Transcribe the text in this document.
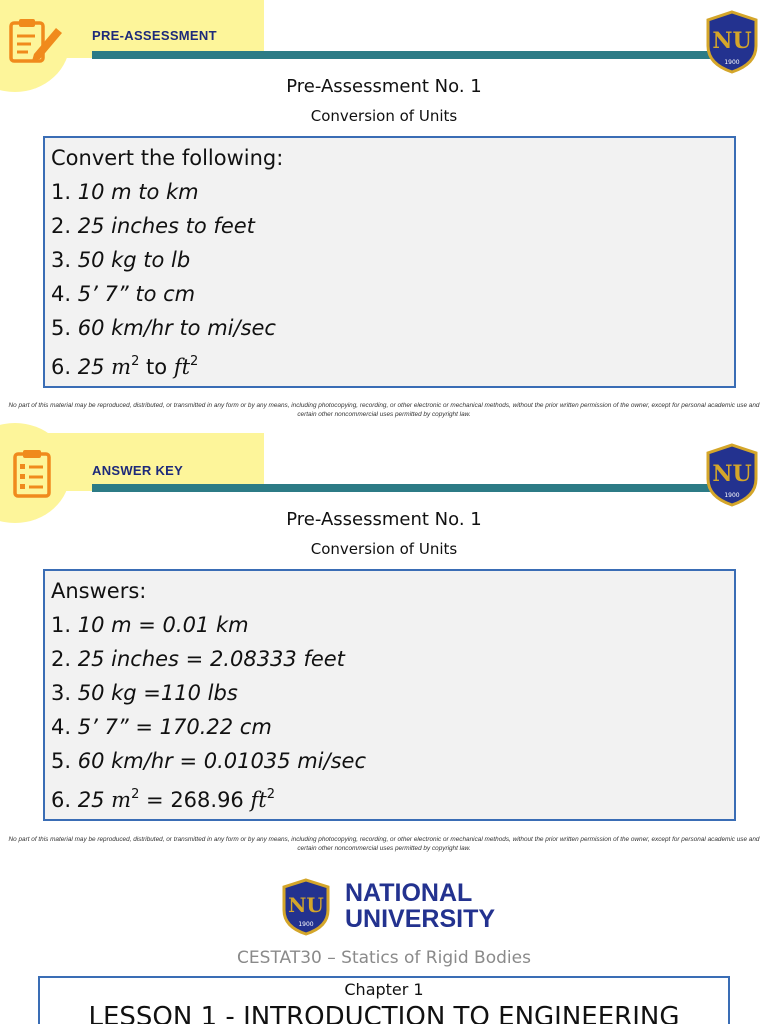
PRE-ASSESSMENT	NU
1900
Pre-Assessment No. 1
Conversion of Units
Convert the following:
1. 10 m to km
2. 25 inches to feet
3. 50 kg to lb
4. 5’ 7” to cm
5. 60 km/hr to mi/sec
6. 25 $m^2$ to $ft^2$
No part of this material may be reproduced, distributed, or transmitted in any form or by any means, including photocopying, recording, or other electronic or mechanical methods, without the prior written permission of the owner, except for personal academic use and certain other noncommercial uses permitted by copyright law.
ANSWER KEY	NU
1900
Pre-Assessment No. 1
Conversion of Units
Answers:
1. 10 m = 0.01 km
2. 25 inches = 2.08333 feet
3. 50 kg =110 lbs
4. 5’ 7” = 170.22 cm
5. 60 km/hr = 0.01035 mi/sec
6. 25 $m^2 = 268.96$ $ft^2$
No part of this material may be reproduced, distributed, or transmitted in any form or by any means, including photocopying, recording, or other electronic or mechanical methods, without the prior written permission of the owner, except for personal academic use and certain other noncommercial uses permitted by copyright law.
NU
1900
NATIONAL
UNIVERSITY
CESTAT30 – Statics of Rigid Bodies
Chapter 1
LESSON 1 - INTRODUCTION TO ENGINEERING
